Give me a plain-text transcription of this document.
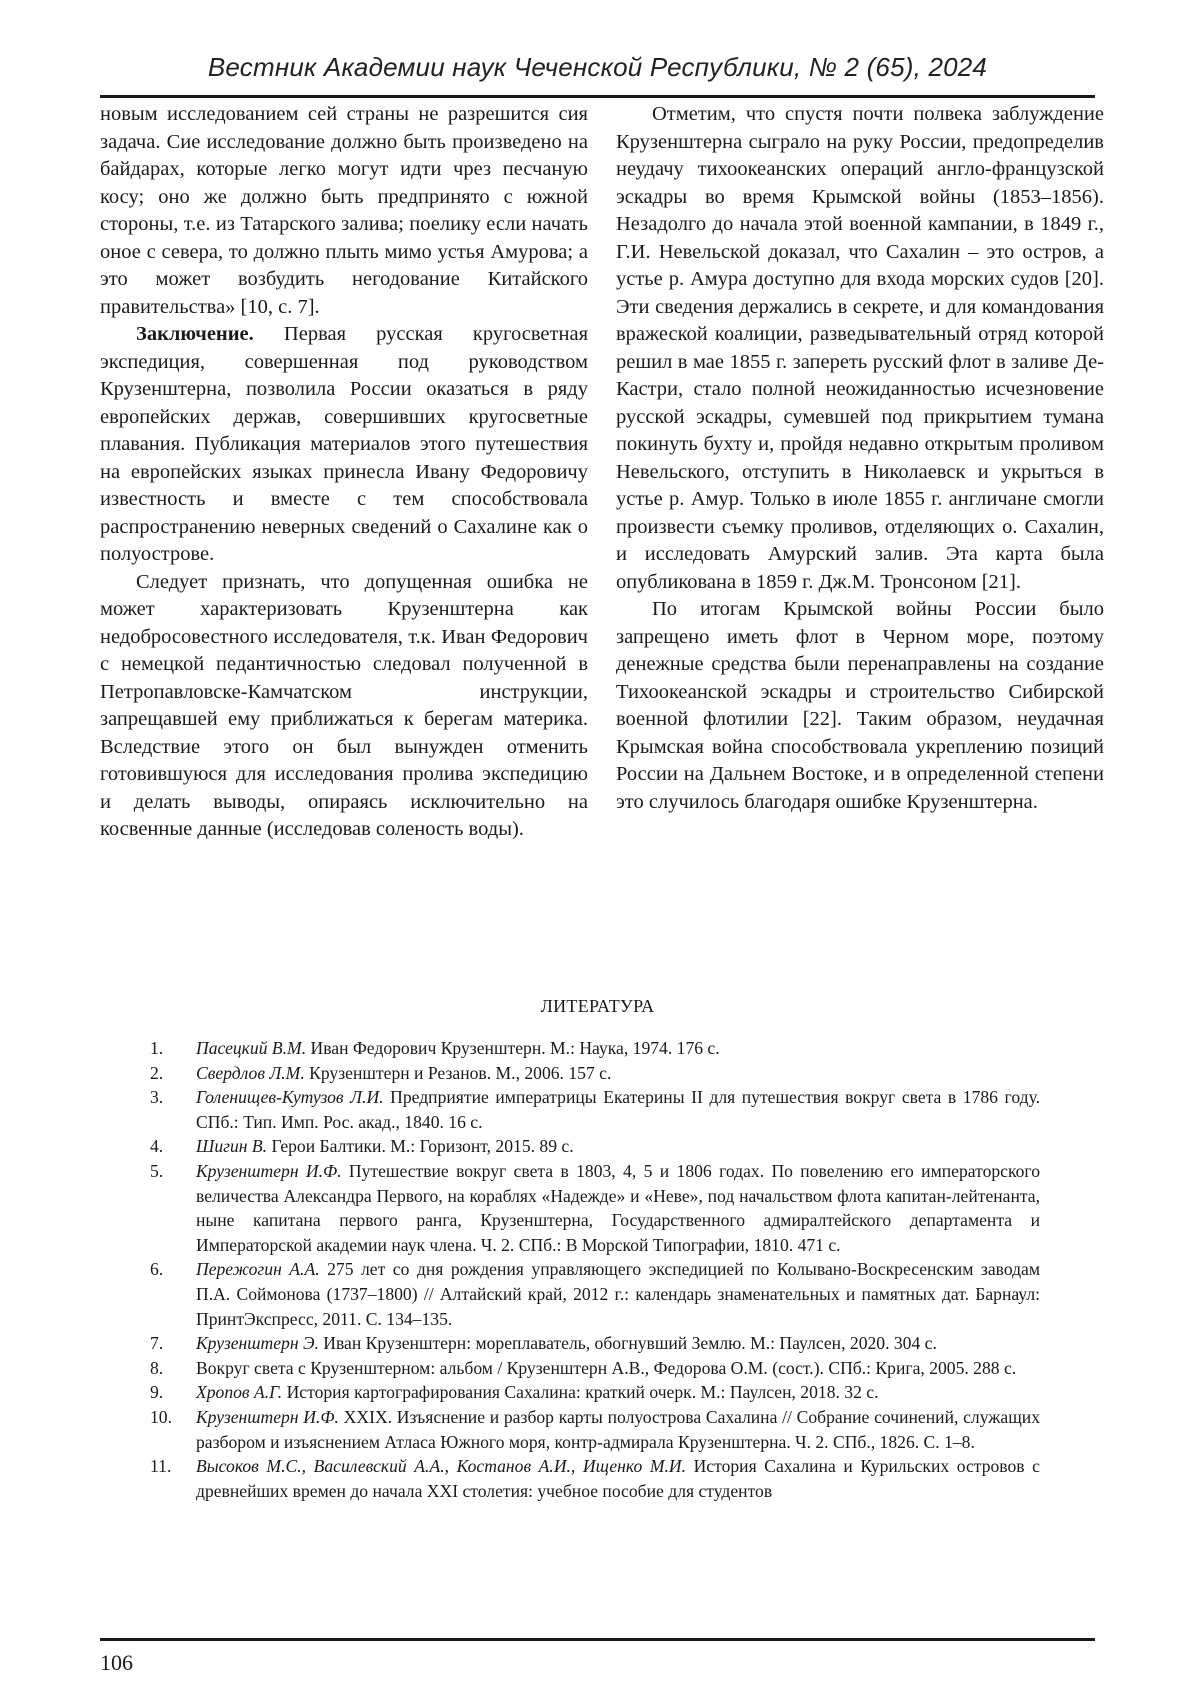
Вестник Академии наук Чеченской Республики, № 2 (65), 2024

новым исследованием сей страны не разрешится сия задача. Сие исследование должно быть произведено на байдарах, которые легко могут идти чрез песчаную косу; оно же должно быть предпринято с южной стороны, т.е. из Татарского залива; поелику если начать оное с севера, то должно плыть мимо устья Амурова; а это может возбудить негодование Китайского правительства» [10, с. 7].

Заключение. Первая русская кругосветная экспедиция, совершенная под руководством Крузенштерна, позволила России оказаться в ряду европейских держав, совершивших кругосветные плавания. Публикация материалов этого путешествия на европейских языках принесла Ивану Федоровичу известность и вместе с тем способствовала распространению неверных сведений о Сахалине как о полуострове.

Следует признать, что допущенная ошибка не может характеризовать Крузенштерна как недобросовестного исследователя, т.к. Иван Федорович с немецкой педантичностью следовал полученной в Петропавловске-Камчатском инструкции, запрещавшей ему приближаться к берегам материка. Вследствие этого он был вынужден отменить готовившуюся для исследования пролива экспедицию и делать выводы, опираясь исключительно на косвенные данные (исследовав соленость воды).

Отметим, что спустя почти полвека заблуждение Крузенштерна сыграло на руку России, предопределив неудачу тихоокеанских операций англо-французской эскадры во время Крымской войны (1853–1856). Незадолго до начала этой военной кампании, в 1849 г., Г.И. Невельской доказал, что Сахалин – это остров, а устье р. Амура доступно для входа морских судов [20]. Эти сведения держались в секрете, и для командования вражеской коалиции, разведывательный отряд которой решил в мае 1855 г. запереть русский флот в заливе Де-Кастри, стало полной неожиданностью исчезновение русской эскадры, сумевшей под прикрытием тумана покинуть бухту и, пройдя недавно открытым проливом Невельского, отступить в Николаевск и укрыться в устье р. Амур. Только в июле 1855 г. англичане смогли произвести съемку проливов, отделяющих о. Сахалин, и исследовать Амурский залив. Эта карта была опубликована в 1859 г. Дж.М. Тронсоном [21].

По итогам Крымской войны России было запрещено иметь флот в Черном море, поэтому денежные средства были перенаправлены на создание Тихоокеанской эскадры и строительство Сибирской военной флотилии [22]. Таким образом, неудачная Крымская война способствовала укреплению позиций России на Дальнем Востоке, и в определенной степени это случилось благодаря ошибке Крузенштерна.

ЛИТЕРАТУРА
1.	Пасецкий В.М. Иван Федорович Крузенштерн. М.: Наука, 1974. 176 с.
2.	Свердлов Л.М. Крузенштерн и Резанов. М., 2006. 157 с.
3.	Голенищев-Кутузов Л.И. Предприятие императрицы Екатерины II для путешествия вокруг света в 1786 году. СПб.: Тип. Имп. Рос. акад., 1840. 16 с.
4.	Шигин В. Герои Балтики. М.: Горизонт, 2015. 89 с.
5.	Крузенштерн И.Ф. Путешествие вокруг света в 1803, 4, 5 и 1806 годах. По повелению его императорского величества Александра Первого, на кораблях «Надежде» и «Неве», под начальством флота капитан-лейтенанта, ныне капитана первого ранга, Крузенштерна, Государственного адмиралтейского департамента и Императорской академии наук члена. Ч. 2. СПб.: В Морской Типографии, 1810. 471 с.
6.	Пережогин А.А. 275 лет со дня рождения управляющего экспедицией по Колывано-Воскресенским заводам П.А. Соймонова (1737–1800) // Алтайский край, 2012 г.: календарь знаменательных и памятных дат. Барнаул: ПринтЭкспресс, 2011. С. 134–135.
7.	Крузенштерн Э. Иван Крузенштерн: мореплаватель, обогнувший Землю. М.: Паулсен, 2020. 304 с.
8.	Вокруг света с Крузенштерном: альбом / Крузенштерн А.В., Федорова О.М. (сост.). СПб.: Крига, 2005. 288 с.
9.	Хропов А.Г. История картографирования Сахалина: краткий очерк. М.: Паулсен, 2018. 32 с.
10.	Крузенштерн И.Ф. XXIX. Изъяснение и разбор карты полуострова Сахалина // Собрание сочинений, служащих разбором и изъяснением Атласа Южного моря, контр-адмирала Крузенштерна. Ч. 2. СПб., 1826. С. 1–8.
11.	Высоков М.С., Василевский А.А., Костанов А.И., Ищенко М.И. История Сахалина и Курильских островов с древнейших времен до начала XXI столетия: учебное пособие для студентов
106
